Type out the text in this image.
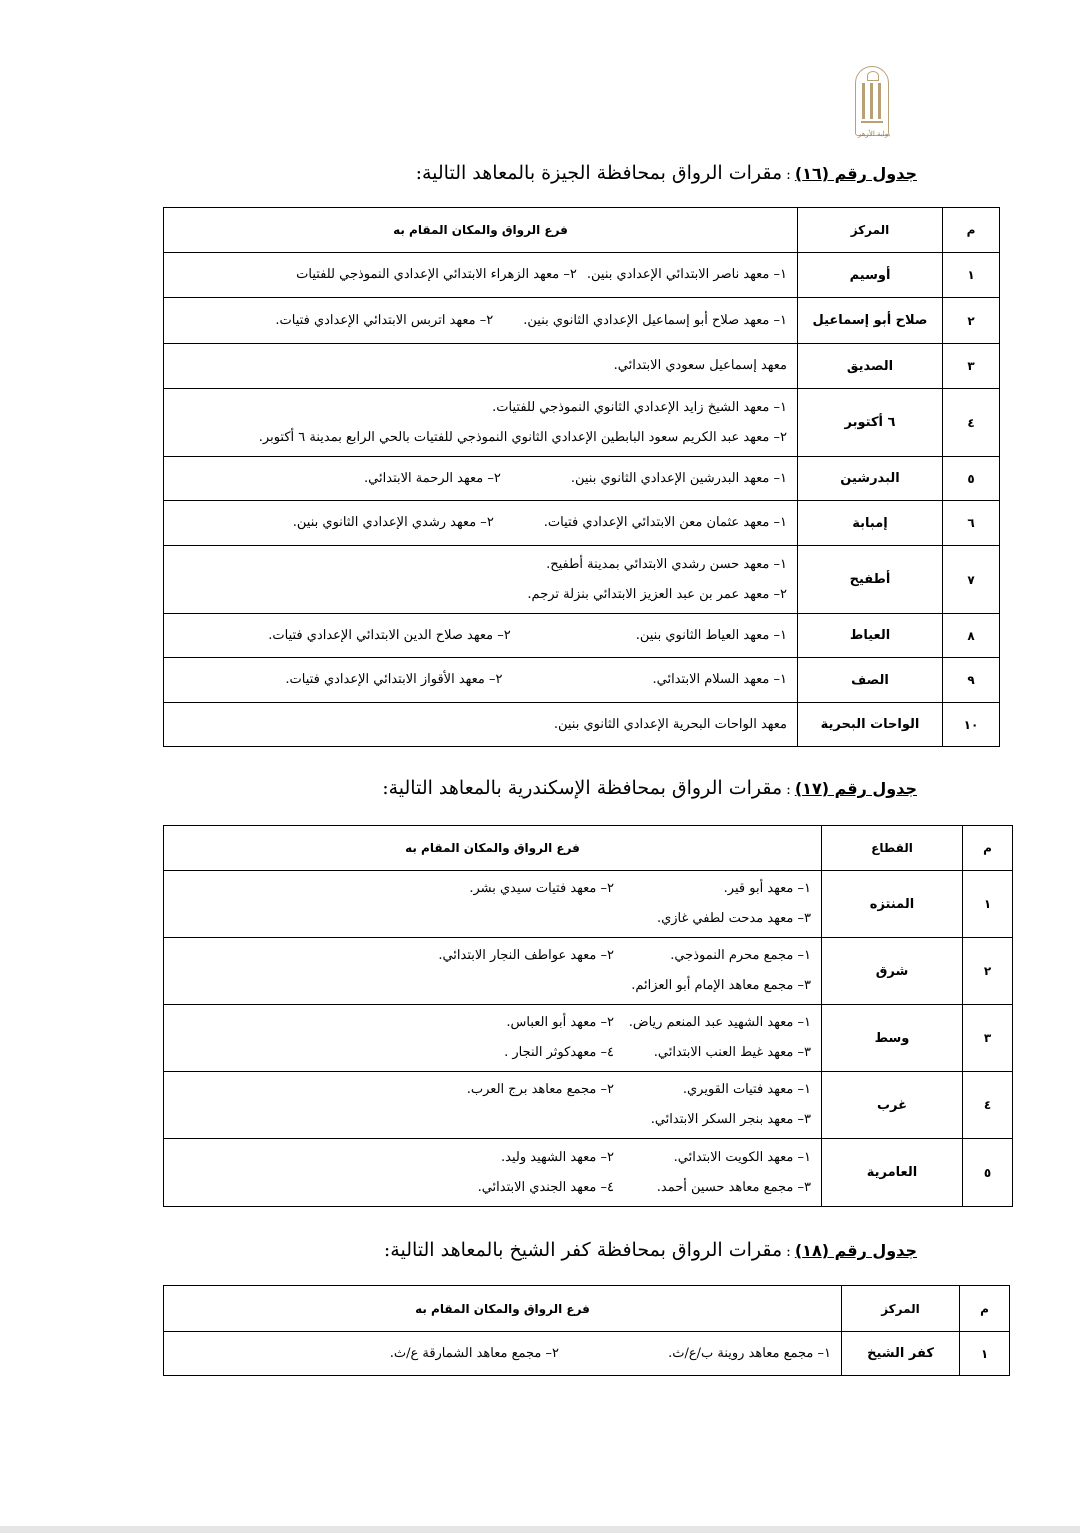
بوابة الأزهر
جدول رقم (١٦):مقرات الرواق بمحافظة الجيزة بالمعاهد التالية:
م	المركز	فرع الرواق والمكان المقام به
١	أوسيم	١– معهد ناصر الابتدائي الإعدادي بنين.
٢– معهد الزهراء الابتدائي الإعدادي النموذجي للفتيات

٢	صلاح أبو إسماعيل	١– معهد صلاح أبو إسماعيل الإعدادي الثانوي بنين.
٢– معهد اتربس الابتدائي الإعدادي فتيات.

٣	الصديق	معهد إسماعيل سعودي الابتدائي.

٤	٦ أكتوبر	١– معهد الشيخ زايد الإعدادي الثانوي النموذجي للفتيات.
٢– معهد عبد الكريم سعود البابطين الإعدادي الثانوي النموذجي للفتيات بالحي الرابع بمدينة ٦ أكتوبر.

٥	البدرشين	١– معهد البدرشين الإعدادي الثانوي بنين.
٢– معهد الرحمة الابتدائي.

٦	إمبابة	١– معهد عثمان معن الابتدائي الإعدادي فتيات.
٢– معهد رشدي الإعدادي الثانوي بنين.

٧	أطفيح	١– معهد حسن رشدي الابتدائي بمدينة أطفيح.
٢– معهد عمر بن عبد العزيز الابتدائي بنزلة ترجم.

٨	العياط	١– معهد العياط الثانوي بنين.
٢– معهد صلاح الدين الابتدائي الإعدادي فتيات.

٩	الصف	١– معهد السلام الابتدائي.
٢– معهد الأقواز الابتدائي الإعدادي فتيات.

١٠	الواحات البحرية	معهد الواحات البحرية الإعدادي الثانوي بنين.
جدول رقم (١٧):مقرات الرواق بمحافظة الإسكندرية بالمعاهد التالية:
م	القطاع	فرع الرواق والمكان المقام به
١	المنتزه	١– معهد أبو قير.
٢– معهد فتيات سيدي بشر.
٣– معهد مدحت لطفي غازي.

٢	شرق	١– مجمع محرم النموذجي.
٢– معهد عواطف النجار الابتدائي.
٣– مجمع معاهد الإمام أبو العزائم.

٣	وسط	١– معهد الشهيد عبد المنعم رياض.
٢– معهد أبو العباس.
٣– معهد غيط العنب الابتدائي.
٤– معهدكوثر النجار .

٤	غرب	١– معهد فتيات القويري.
٢– مجمع معاهد برج العرب.
٣– معهد بنجر السكر الابتدائي.

٥	العامرية	١– معهد الكويت الابتدائي.
٢– معهد الشهيد وليد.
٣– مجمع معاهد حسين أحمد.
٤– معهد الجندي الابتدائي.
جدول رقم (١٨):مقرات الرواق بمحافظة كفر الشيخ بالمعاهد التالية:
م	المركز	فرع الرواق والمكان المقام به
١	كفر الشيخ	١– مجمع معاهد روينة ب/ع/ث.
٢– مجمع معاهد الشمارقة ع/ث.
